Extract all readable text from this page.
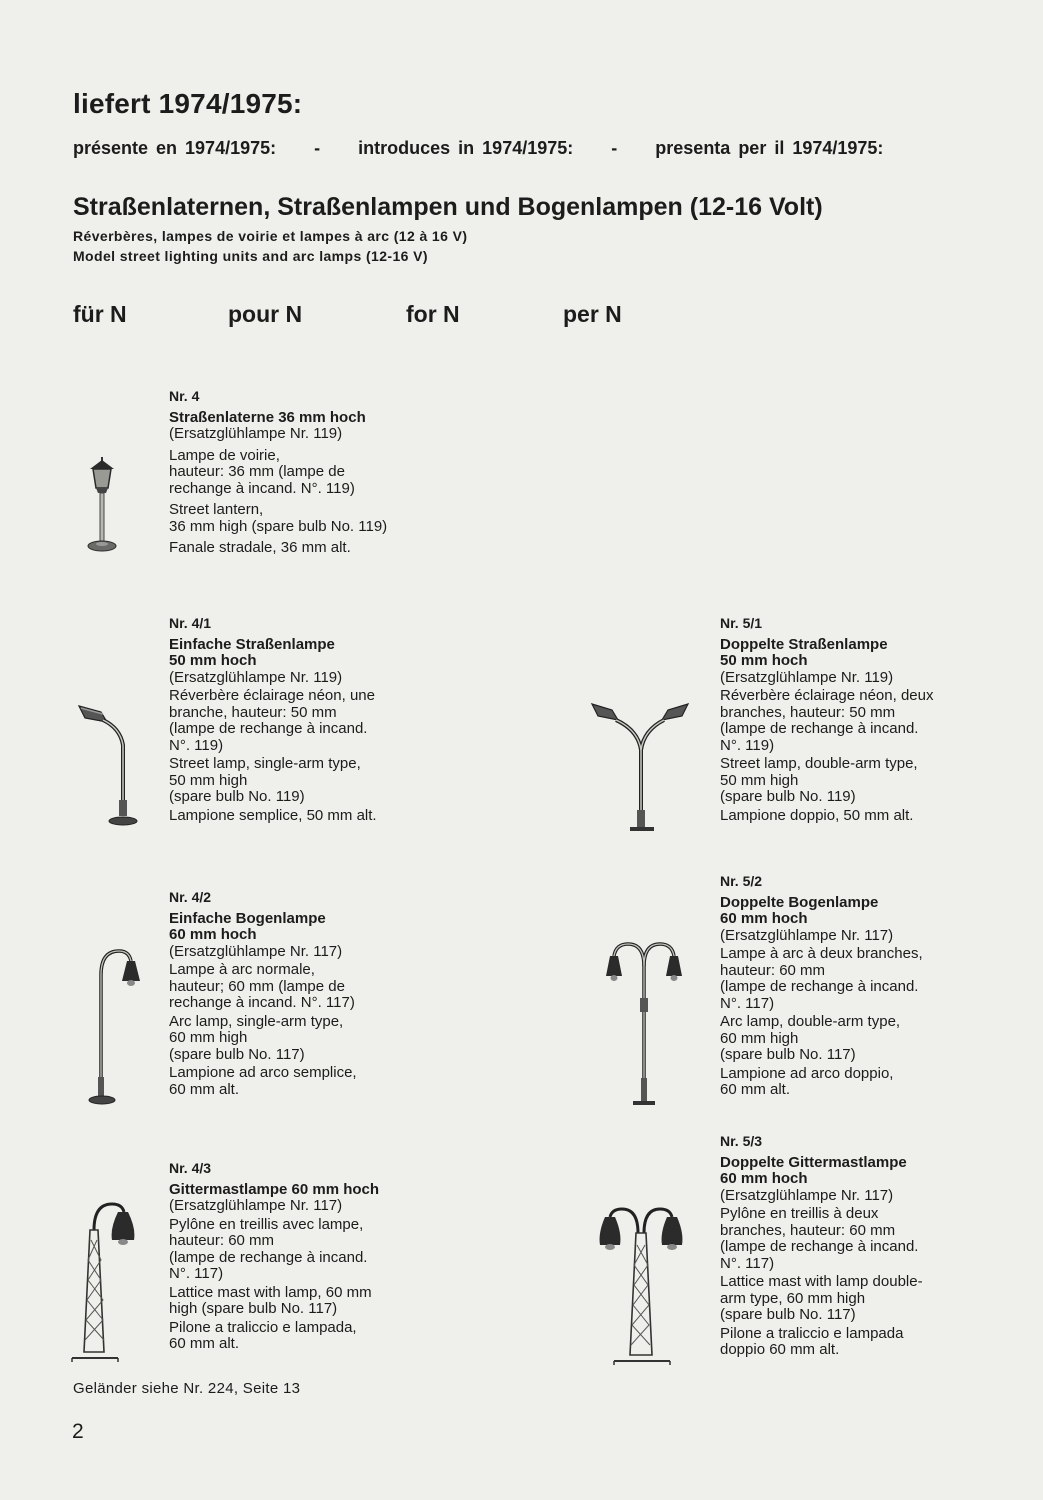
liefert 1974/1975:
présente en 1974/1975: - introduces in 1974/1975: - presenta per il 1974/1975:
Straßenlaternen, Straßenlampen und Bogenlampen (12-16 Volt)
Réverbères, lampes de voirie et lampes à arc (12 à 16 V)
Model street lighting units and arc lamps (12-16 V)
für N	pour N	for N	per N
Nr. 4
Straßenlaterne 36 mm hoch
(Ersatzglühlampe Nr. 119)
Lampe de voirie,
hauteur: 36 mm (lampe de
rechange à incand. N°. 119)
Street lantern,
36 mm high (spare bulb No. 119)
Fanale stradale, 36 mm alt.
Nr. 4/1
Einfache Straßenlampe
50 mm hoch
(Ersatzglühlampe Nr. 119)
Réverbère éclairage néon, une
branche, hauteur: 50 mm
(lampe de rechange à incand.
N°. 119)
Street lamp, single-arm type,
50 mm high
(spare bulb No. 119)
Lampione semplice, 50 mm alt.
Nr. 5/1
Doppelte Straßenlampe
50 mm hoch
(Ersatzglühlampe Nr. 119)
Réverbère éclairage néon, deux
branches, hauteur: 50 mm
(lampe de rechange à incand.
N°. 119)
Street lamp, double-arm type,
50 mm high
(spare bulb No. 119)
Lampione doppio, 50 mm alt.
Nr. 4/2
Einfache Bogenlampe
60 mm hoch
(Ersatzglühlampe Nr. 117)
Lampe à arc normale,
hauteur; 60 mm (lampe de
rechange à incand. N°. 117)
Arc lamp, single-arm type,
60 mm high
(spare bulb No. 117)
Lampione ad arco semplice,
60 mm alt.
Nr. 5/2
Doppelte Bogenlampe
60 mm hoch
(Ersatzglühlampe Nr. 117)
Lampe à arc à deux branches,
hauteur: 60 mm
(lampe de rechange à incand.
N°. 117)
Arc lamp, double-arm type,
60 mm high
(spare bulb No. 117)
Lampione ad arco doppio,
60 mm alt.
Nr. 4/3
Gittermastlampe 60 mm hoch
(Ersatzglühlampe Nr. 117)
Pylône en treillis avec lampe,
hauteur: 60 mm
(lampe de rechange à incand.
N°. 117)
Lattice mast with lamp, 60 mm
high (spare bulb No. 117)
Pilone a traliccio e lampada,
60 mm alt.
Nr. 5/3
Doppelte Gittermastlampe
60 mm hoch
(Ersatzglühlampe Nr. 117)
Pylône en treillis à deux
branches, hauteur: 60 mm
(lampe de rechange à incand.
N°. 117)
Lattice mast with lamp double-
arm type, 60 mm high
(spare bulb No. 117)
Pilone a traliccio e lampada
doppio 60 mm alt.
Geländer siehe Nr. 224, Seite 13
2
